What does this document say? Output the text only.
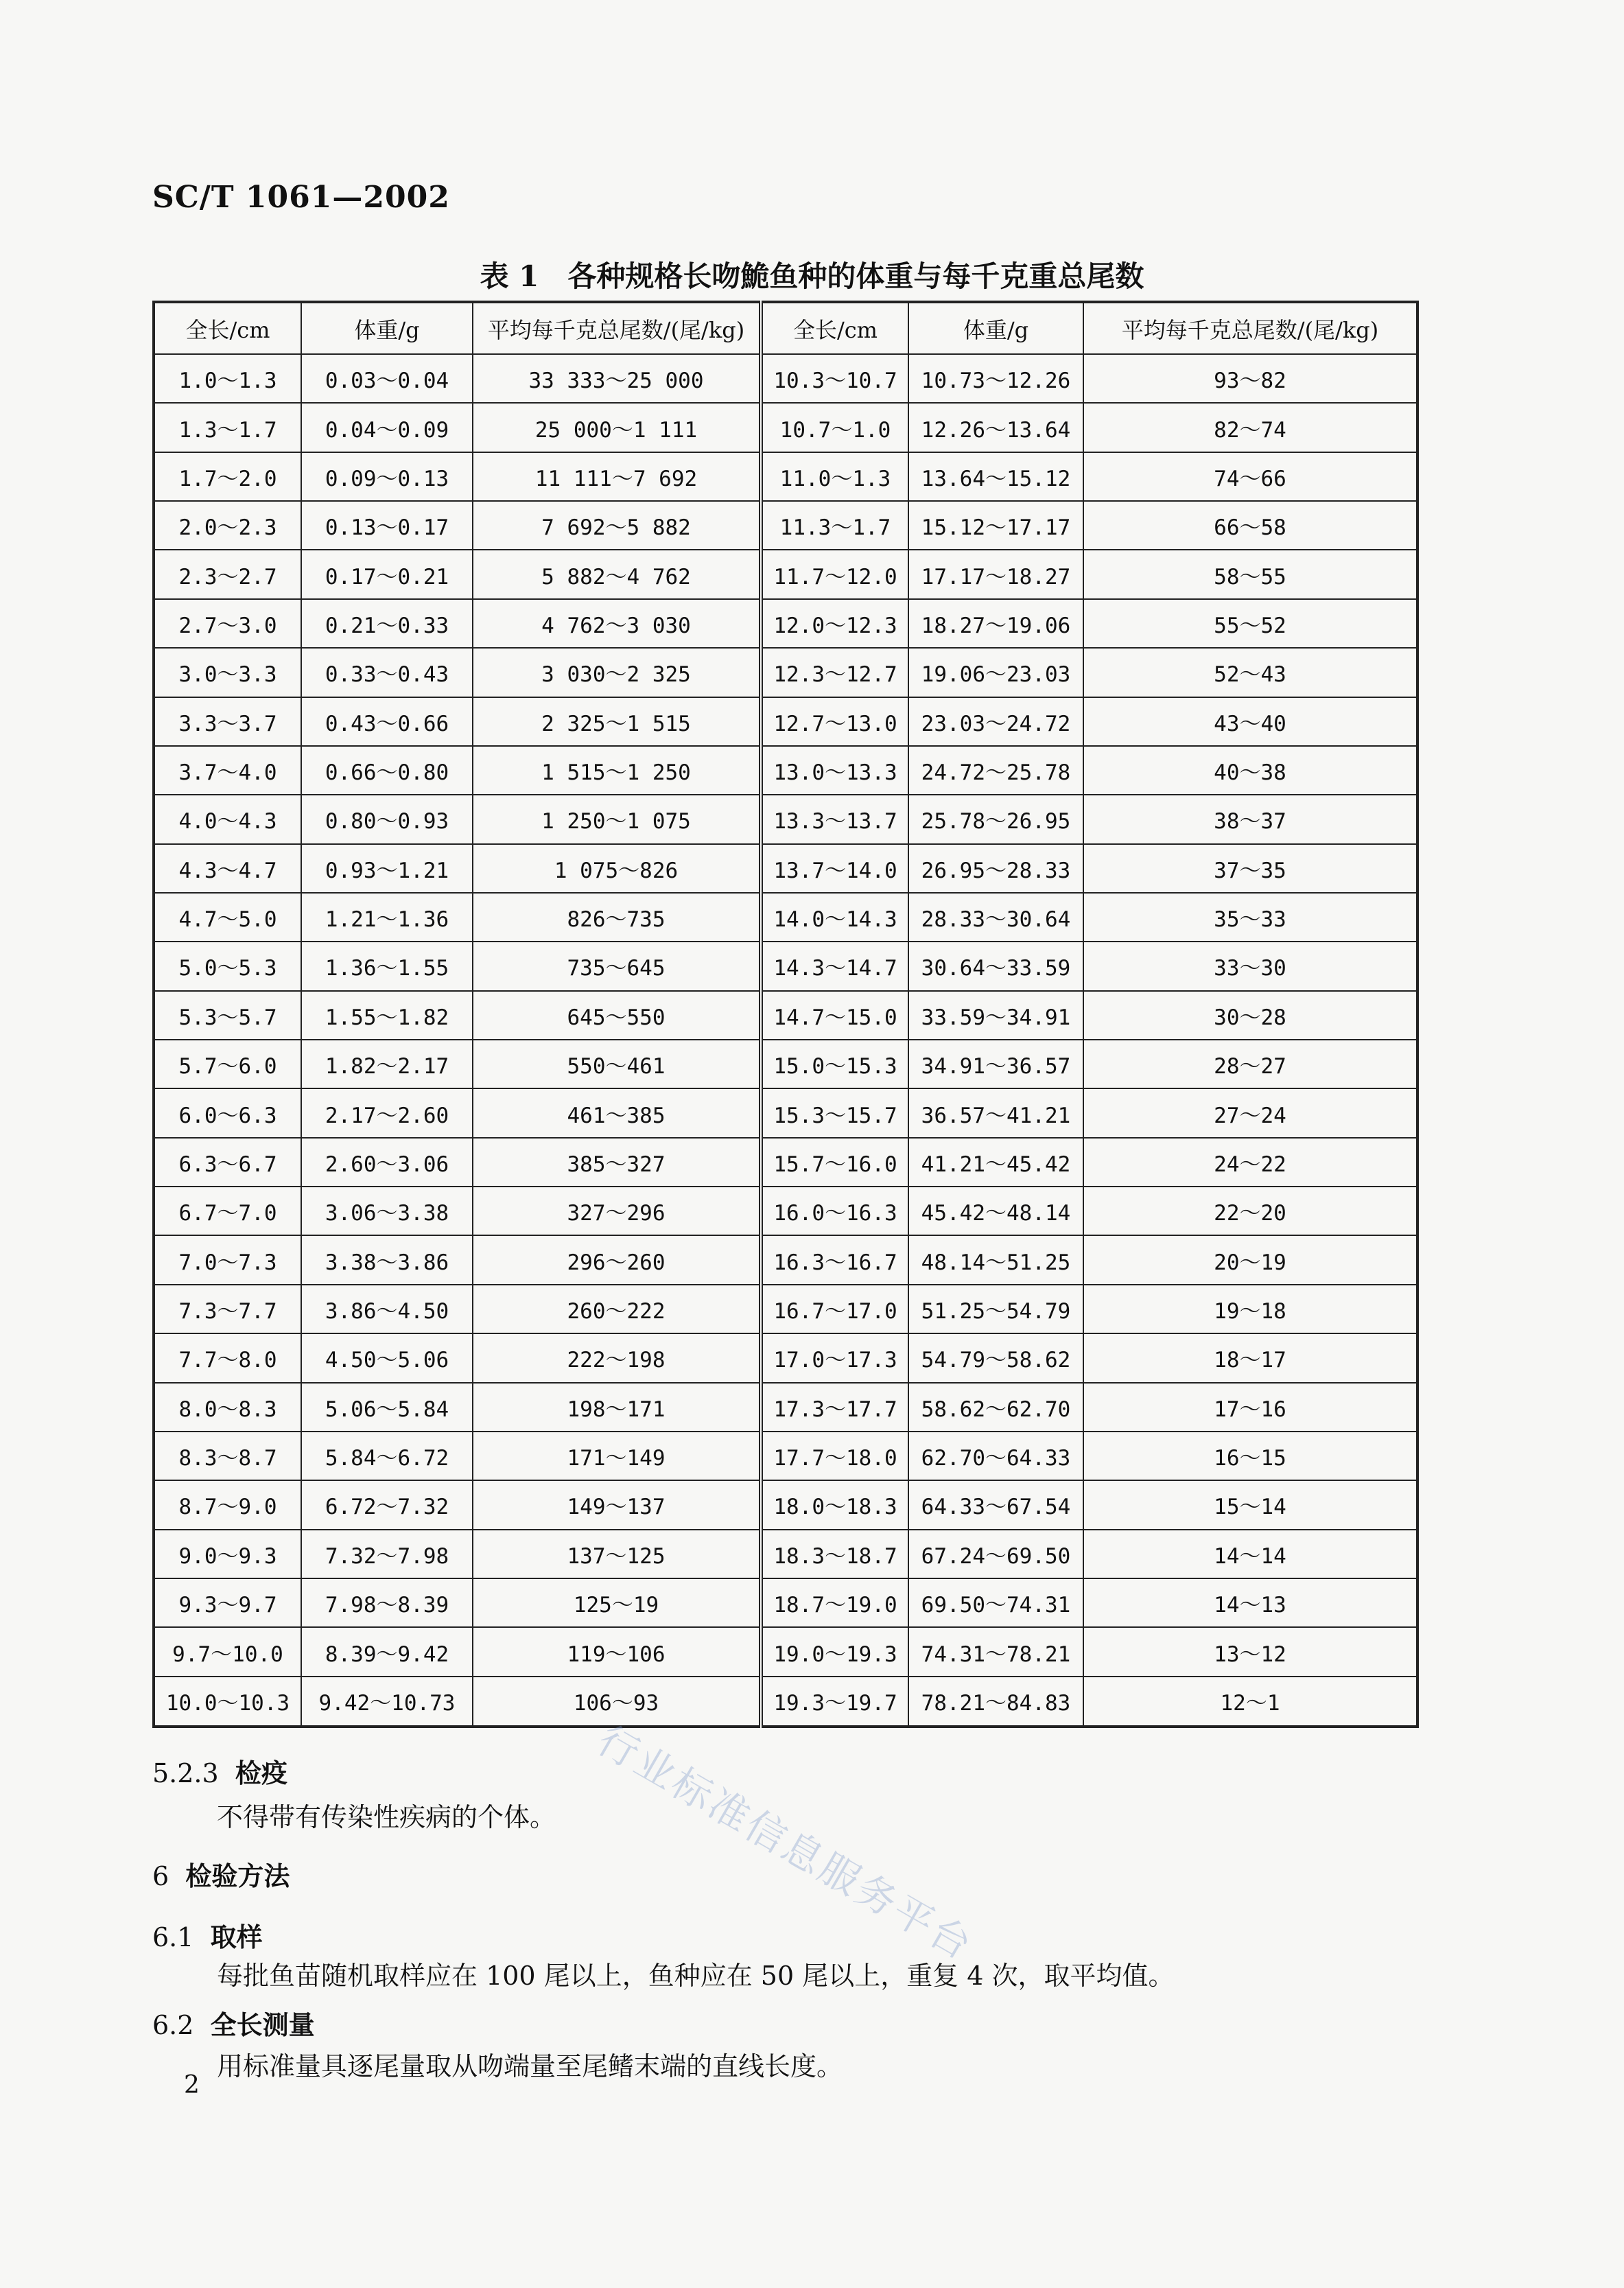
SC/T 1061—2002
表 1　各种规格长吻鮠鱼种的体重与每千克重总尾数
全长/cm	体重/g	平均每千克总尾数/(尾/kg)	全长/cm	体重/g	平均每千克总尾数/(尾/kg)
1.0～1.3	0.03～0.04	33 333～25 000	10.3～10.7	10.73～12.26	93～82
1.3～1.7	0.04～0.09	25 000～1 111	10.7～1.0	12.26～13.64	82～74
1.7～2.0	0.09～0.13	11 111～7 692	11.0～1.3	13.64～15.12	74～66
2.0～2.3	0.13～0.17	7 692～5 882	11.3～1.7	15.12～17.17	66～58
2.3～2.7	0.17～0.21	5 882～4 762	11.7～12.0	17.17～18.27	58～55
2.7～3.0	0.21～0.33	4 762～3 030	12.0～12.3	18.27～19.06	55～52
3.0～3.3	0.33～0.43	3 030～2 325	12.3～12.7	19.06～23.03	52～43
3.3～3.7	0.43～0.66	2 325～1 515	12.7～13.0	23.03～24.72	43～40
3.7～4.0	0.66～0.80	1 515～1 250	13.0～13.3	24.72～25.78	40～38
4.0～4.3	0.80～0.93	1 250～1 075	13.3～13.7	25.78～26.95	38～37
4.3～4.7	0.93～1.21	1 075～826	13.7～14.0	26.95～28.33	37～35
4.7～5.0	1.21～1.36	826～735	14.0～14.3	28.33～30.64	35～33
5.0～5.3	1.36～1.55	735～645	14.3～14.7	30.64～33.59	33～30
5.3～5.7	1.55～1.82	645～550	14.7～15.0	33.59～34.91	30～28
5.7～6.0	1.82～2.17	550～461	15.0～15.3	34.91～36.57	28～27
6.0～6.3	2.17～2.60	461～385	15.3～15.7	36.57～41.21	27～24
6.3～6.7	2.60～3.06	385～327	15.7～16.0	41.21～45.42	24～22
6.7～7.0	3.06～3.38	327～296	16.0～16.3	45.42～48.14	22～20
7.0～7.3	3.38～3.86	296～260	16.3～16.7	48.14～51.25	20～19
7.3～7.7	3.86～4.50	260～222	16.7～17.0	51.25～54.79	19～18
7.7～8.0	4.50～5.06	222～198	17.0～17.3	54.79～58.62	18～17
8.0～8.3	5.06～5.84	198～171	17.3～17.7	58.62～62.70	17～16
8.3～8.7	5.84～6.72	171～149	17.7～18.0	62.70～64.33	16～15
8.7～9.0	6.72～7.32	149～137	18.0～18.3	64.33～67.54	15～14
9.0～9.3	7.32～7.98	137～125	18.3～18.7	67.24～69.50	14～14
9.3～9.7	7.98～8.39	125～19	18.7～19.0	69.50～74.31	14～13
9.7～10.0	8.39～9.42	119～106	19.0～19.3	74.31～78.21	13～12
10.0～10.3	9.42～10.73	106～93	19.3～19.7	78.21～84.83	12～1
5.2.3 检疫
不得带有传染性疾病的个体。
6 检验方法
6.1 取样
每批鱼苗随机取样应在 100 尾以上，鱼种应在 50 尾以上，重复 4 次，取平均值。
6.2 全长测量
用标准量具逐尾量取从吻端量至尾鳍末端的直线长度。
2
行业标准信息服务平台
